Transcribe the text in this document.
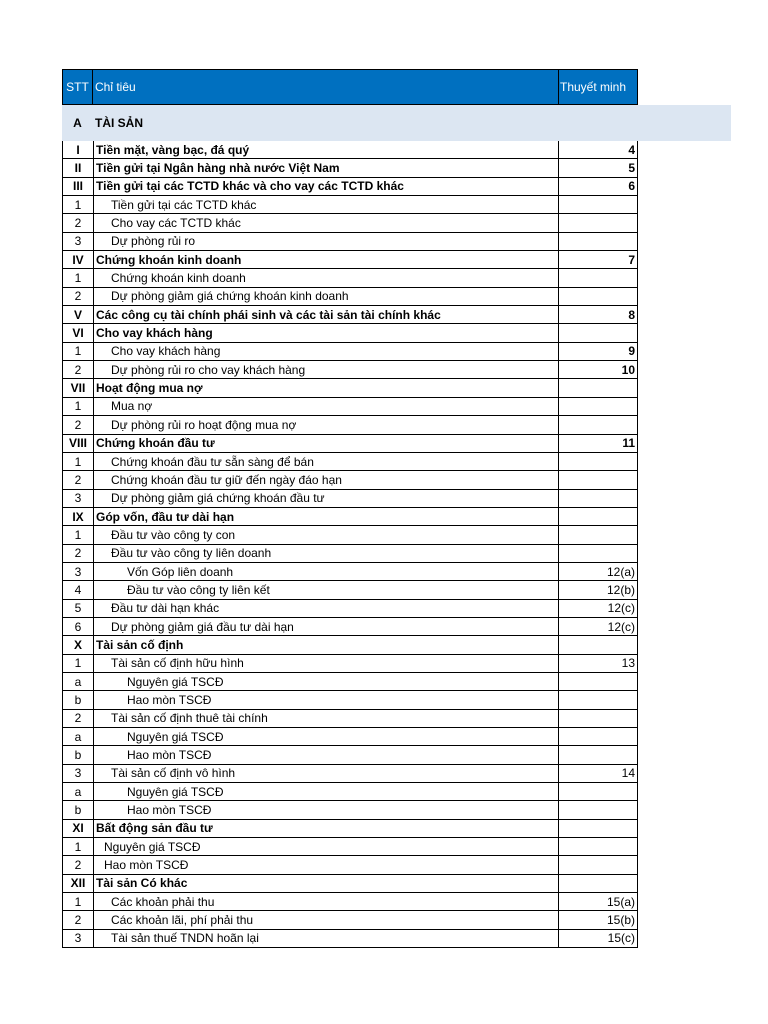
STT Chỉ tiêu	Thuyết minh
A	TÀI SẢN
I	Tiền mặt, vàng bạc, đá quý	4
II	Tiền gửi tại Ngân hàng nhà nước Việt Nam	5
III	Tiền gửi tại các TCTD khác và cho vay các TCTD khác	6
1	Tiền gửi tại các TCTD khác
2	Cho vay các TCTD khác
3	Dự phòng rủi ro
IV	Chứng khoán kinh doanh	7
1	Chứng khoán kinh doanh
2	Dự phòng giảm giá chứng khoán kinh doanh
V	Các công cụ tài chính phái sinh và các tài sản tài chính khác	8
VI	Cho vay khách hàng
1	Cho vay khách hàng	9
2	Dự phòng rủi ro cho vay khách hàng	10
VII Hoạt động mua nợ
1	Mua nợ
2	Dự phòng rủi ro hoạt động mua nợ
VIII Chứng khoán đầu tư	11
1	Chứng khoán đầu tư sẵn sàng để bán
2	Chứng khoán đầu tư giữ đến ngày đáo hạn
3	Dự phòng giảm giá chứng khoán đầu tư
IX	Góp vốn, đầu tư dài hạn
1	Đầu tư vào công ty con
2	Đầu tư vào công ty liên doanh
3	Vốn Góp liên doanh	12(a)
4	Đầu tư vào công ty liên kết	12(b)
5	Đầu tư dài hạn khác	12(c)
6	Dự phòng giảm giá đầu tư dài hạn	12(c)
X	Tài sản cố định
1	Tài sản cố định hữu hình	13
a	Nguyên giá TSCĐ
b	Hao mòn TSCĐ
2	Tài sản cố định thuê tài chính
a	Nguyên giá TSCĐ
b	Hao mòn TSCĐ
3	Tài sản cố định vô hình	14
a	Nguyên giá TSCĐ
b	Hao mòn TSCĐ
XI	Bất động sản đầu tư
1	Nguyên giá TSCĐ
2	Hao mòn TSCĐ
XII Tài sản Có khác
1	Các khoản phải thu	15(a)
2	Các khoản lãi, phí phải thu	15(b)
3	Tài sản thuế TNDN hoãn lại	15(c)
